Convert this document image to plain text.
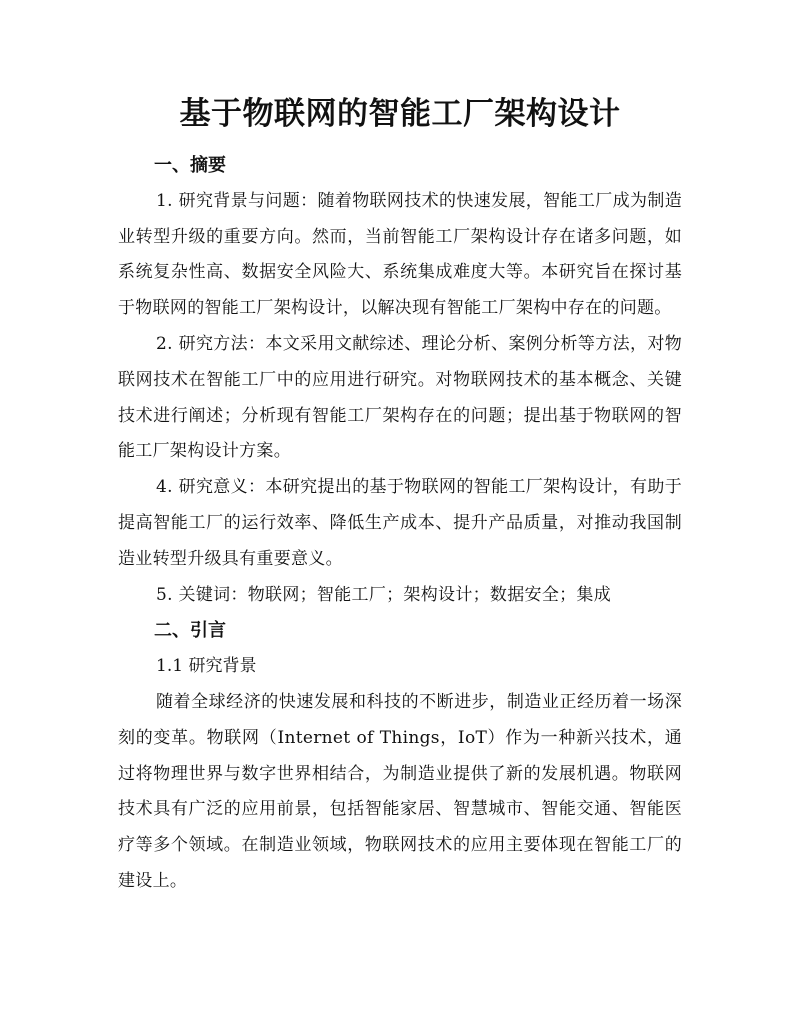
基于物联网的智能工厂架构设计
一、摘要

1. 研究背景与问题：随着物联网技术的快速发展，智能工厂成为制造业转型升级的重要方向。然而，当前智能工厂架构设计存在诸多问题，如系统复杂性高、数据安全风险大、系统集成难度大等。本研究旨在探讨基于物联网的智能工厂架构设计，以解决现有智能工厂架构中存在的问题。

2. 研究方法：本文采用文献综述、理论分析、案例分析等方法，对物联网技术在智能工厂中的应用进行研究。对物联网技术的基本概念、关键技术进行阐述；分析现有智能工厂架构存在的问题；提出基于物联网的智能工厂架构设计方案。

4. 研究意义：本研究提出的基于物联网的智能工厂架构设计，有助于提高智能工厂的运行效率、降低生产成本、提升产品质量，对推动我国制造业转型升级具有重要意义。

5. 关键词：物联网；智能工厂；架构设计；数据安全；集成

二、引言
1.1 研究背景

随着全球经济的快速发展和科技的不断进步，制造业正经历着一场深刻的变革。物联网（Internet of Things，IoT）作为一种新兴技术，通过将物理世界与数字世界相结合，为制造业提供了新的发展机遇。物联网技术具有广泛的应用前景，包括智能家居、智慧城市、智能交通、智能医疗等多个领域。在制造业领域，物联网技术的应用主要体现在智能工厂的建设上。
